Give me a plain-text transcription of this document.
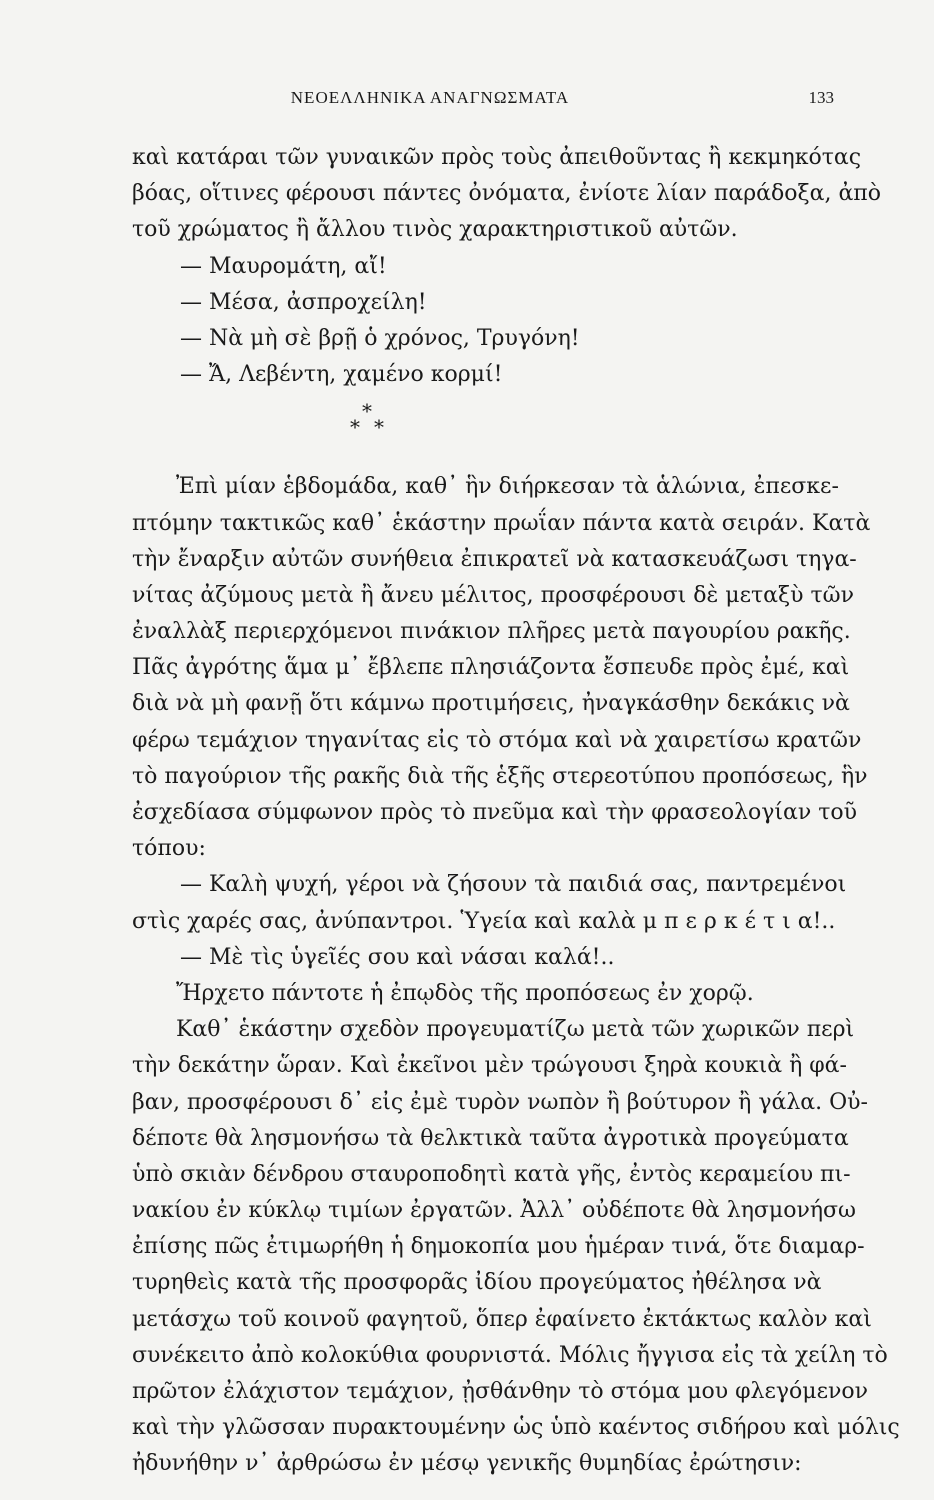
ΝΕΟΕΛΛΗΝΙΚΑ ΑΝΑΓΝΩΣΜΑΤΑ	133
καὶ κατάραι τῶν γυναικῶν πρὸς τοὺς ἀπειθοῦντας ἢ κεκμηκότας
βόας, οἵτινες φέρουσι πάντες ὀνόματα, ἐνίοτε λίαν παράδοξα, ἀπὸ
τοῦ χρώματος ἢ ἄλλου τινὸς χαρακτηριστικοῦ αὐτῶν.
— Μαυρομάτη, αἴ!
— Μέσα, ἀσπροχείλη!
— Νὰ μὴ σὲ βρῇ ὁ χρόνος, Τρυγόνη!
— Ἄ, Λεβέντη, χαμένο κορμί!
*
* *
Ἐπὶ μίαν ἑβδομάδα, καθ᾽ ἣν διήρκεσαν τὰ ἁλώνια, ἐπεσκε-
πτόμην τακτικῶς καθ᾽ ἑκάστην πρωΐαν πάντα κατὰ σειράν. Κατὰ
τὴν ἔναρξιν αὐτῶν συνήθεια ἐπικρατεῖ νὰ κατασκευάζωσι τηγα-
νίτας ἀζύμους μετὰ ἢ ἄνευ μέλιτος, προσφέρουσι δὲ μεταξὺ τῶν
ἐναλλὰξ περιερχόμενοι πινάκιον πλῆρες μετὰ παγουρίου ρακῆς.
Πᾶς ἀγρότης ἅμα μ᾽ ἔβλεπε πλησιάζοντα ἔσπευδε πρὸς ἐμέ, καὶ
διὰ νὰ μὴ φανῇ ὅτι κάμνω προτιμήσεις, ἠναγκάσθην δεκάκις νὰ
φέρω τεμάχιον τηγανίτας εἰς τὸ στόμα καὶ νὰ χαιρετίσω κρατῶν
τὸ παγούριον τῆς ρακῆς διὰ τῆς ἑξῆς στερεοτύπου προπόσεως, ἣν
ἐσχεδίασα σύμφωνον πρὸς τὸ πνεῦμα καὶ τὴν φρασεολογίαν τοῦ
τόπου:
— Καλὴ ψυχή, γέροι νὰ ζήσουν τὰ παιδιά σας, παντρεμένοι
στὶς χαρές σας, ἀνύπαντροι. Ὑγεία καὶ καλὰ μ π ε ρ κ έ τ ι α!..
— Μὲ τὶς ὑγεῖές σου καὶ νάσαι καλά!..
Ἤρχετο πάντοτε ἡ ἐπῳδὸς τῆς προπόσεως ἐν χορῷ.
Καθ᾽ ἑκάστην σχεδὸν προγευματίζω μετὰ τῶν χωρικῶν περὶ
τὴν δεκάτην ὥραν. Καὶ ἐκεῖνοι μὲν τρώγουσι ξηρὰ κουκιὰ ἢ φά-
βαν, προσφέρουσι δ᾽ εἰς ἐμὲ τυρὸν νωπὸν ἢ βούτυρον ἢ γάλα. Οὐ-
δέποτε θὰ λησμονήσω τὰ θελκτικὰ ταῦτα ἀγροτικὰ προγεύματα
ὑπὸ σκιὰν δένδρου σταυροποδητὶ κατὰ γῆς, ἐντὸς κεραμείου πι-
νακίου ἐν κύκλῳ τιμίων ἐργατῶν. Ἀλλ᾽ οὐδέποτε θὰ λησμονήσω
ἐπίσης πῶς ἐτιμωρήθη ἡ δημοκοπία μου ἡμέραν τινά, ὅτε διαμαρ-
τυρηθεὶς κατὰ τῆς προσφορᾶς ἰδίου προγεύματος ἠθέλησα νὰ
μετάσχω τοῦ κοινοῦ φαγητοῦ, ὅπερ ἐφαίνετο ἐκτάκτως καλὸν καὶ
συνέκειτο ἀπὸ κολοκύθια φουρνιστά. Μόλις ἤγγισα εἰς τὰ χείλη τὸ
πρῶτον ἐλάχιστον τεμάχιον, ᾐσθάνθην τὸ στόμα μου φλεγόμενον
καὶ τὴν γλῶσσαν πυρακτουμένην ὡς ὑπὸ καέντος σιδήρου καὶ μόλις
ἠδυνήθην ν᾽ ἀρθρώσω ἐν μέσῳ γενικῆς θυμηδίας ἐρώτησιν:
